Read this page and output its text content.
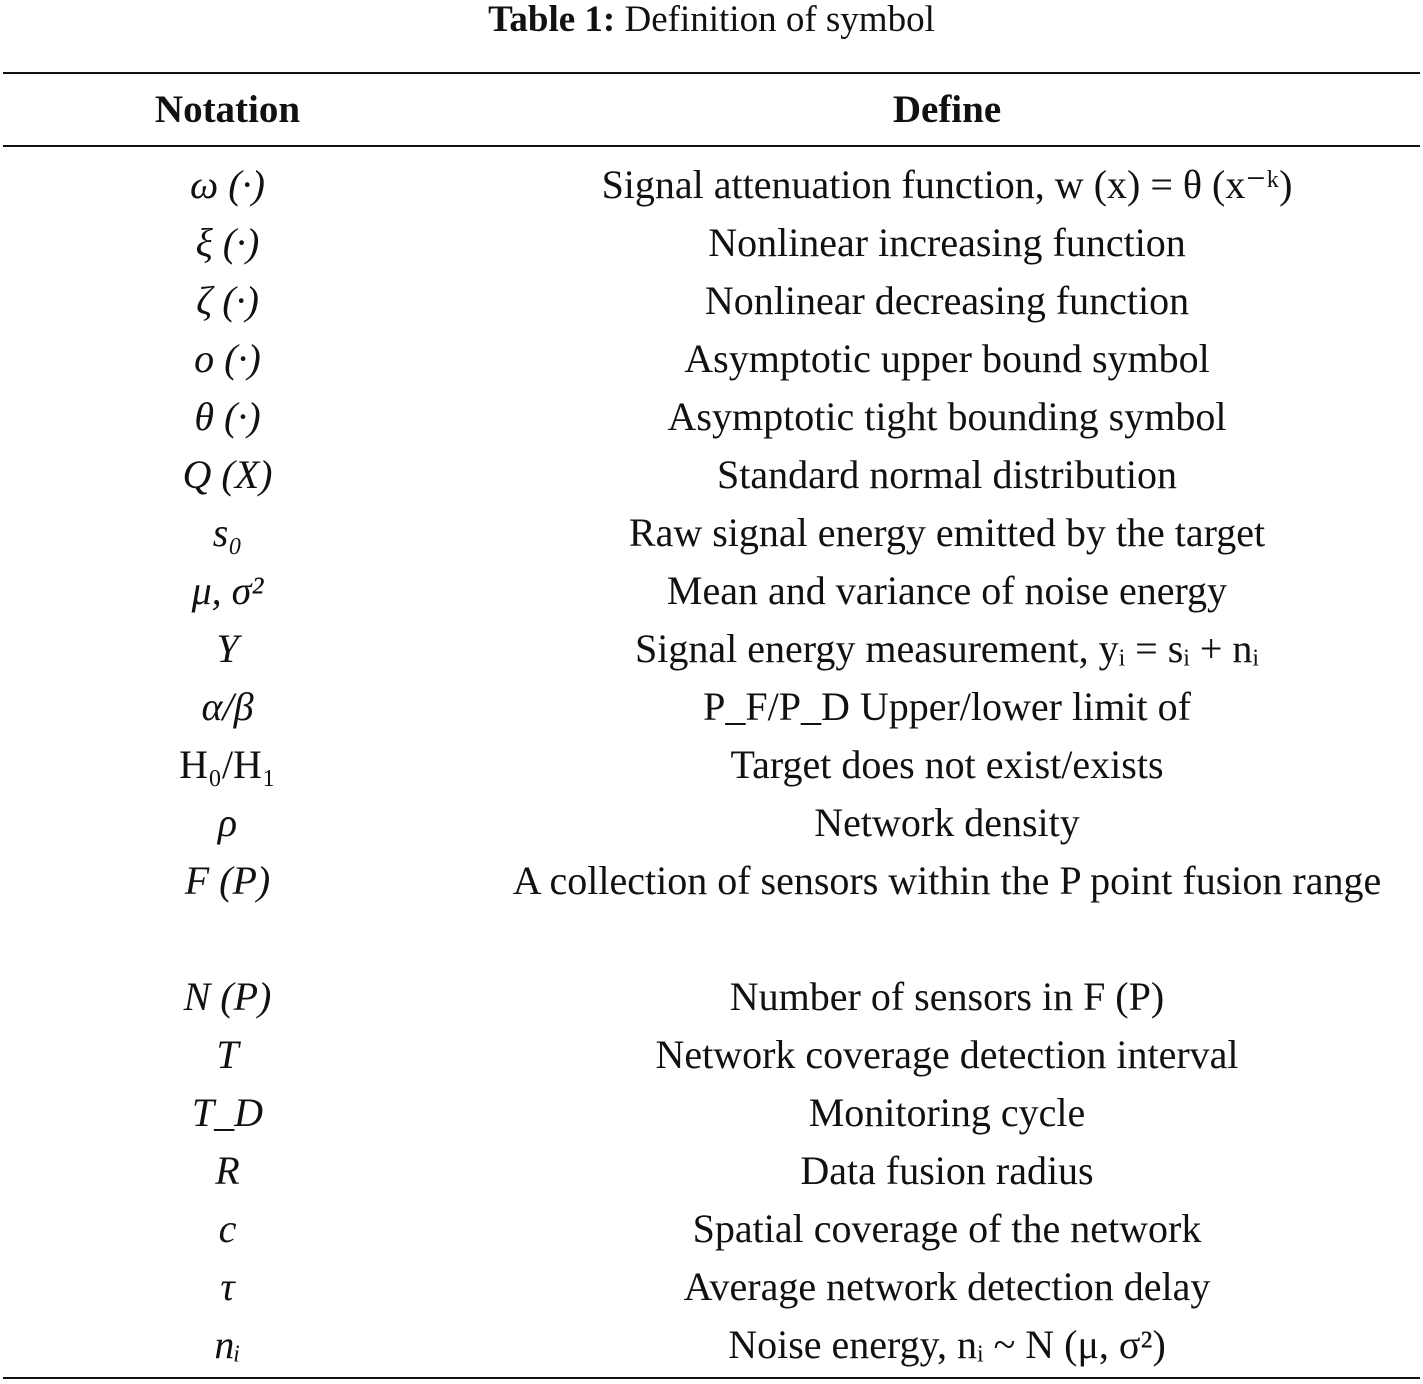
Table 1: Definition of symbol
Notation	Define
ω (·)	Signal attenuation function, w (x) = θ (x⁻ᵏ)
ξ (·)	Nonlinear increasing function
ζ (·)	Nonlinear decreasing function
o (·)	Asymptotic upper bound symbol
θ (·)	Asymptotic tight bounding symbol
Q (X)	Standard normal distribution
s₀	Raw signal energy emitted by the target
μ, σ²	Mean and variance of noise energy
Y	Signal energy measurement, yᵢ = sᵢ + nᵢ
α/β	P_F/P_D Upper/lower limit of
H₀/H₁	Target does not exist/exists
ρ	Network density
F (P)	A collection of sensors within the P point fusion range
N (P)	Number of sensors in F (P)
T	Network coverage detection interval
T_D	Monitoring cycle
R	Data fusion radius
c	Spatial coverage of the network
τ	Average network detection delay
nᵢ	Noise energy, nᵢ ~ N (μ, σ²)
